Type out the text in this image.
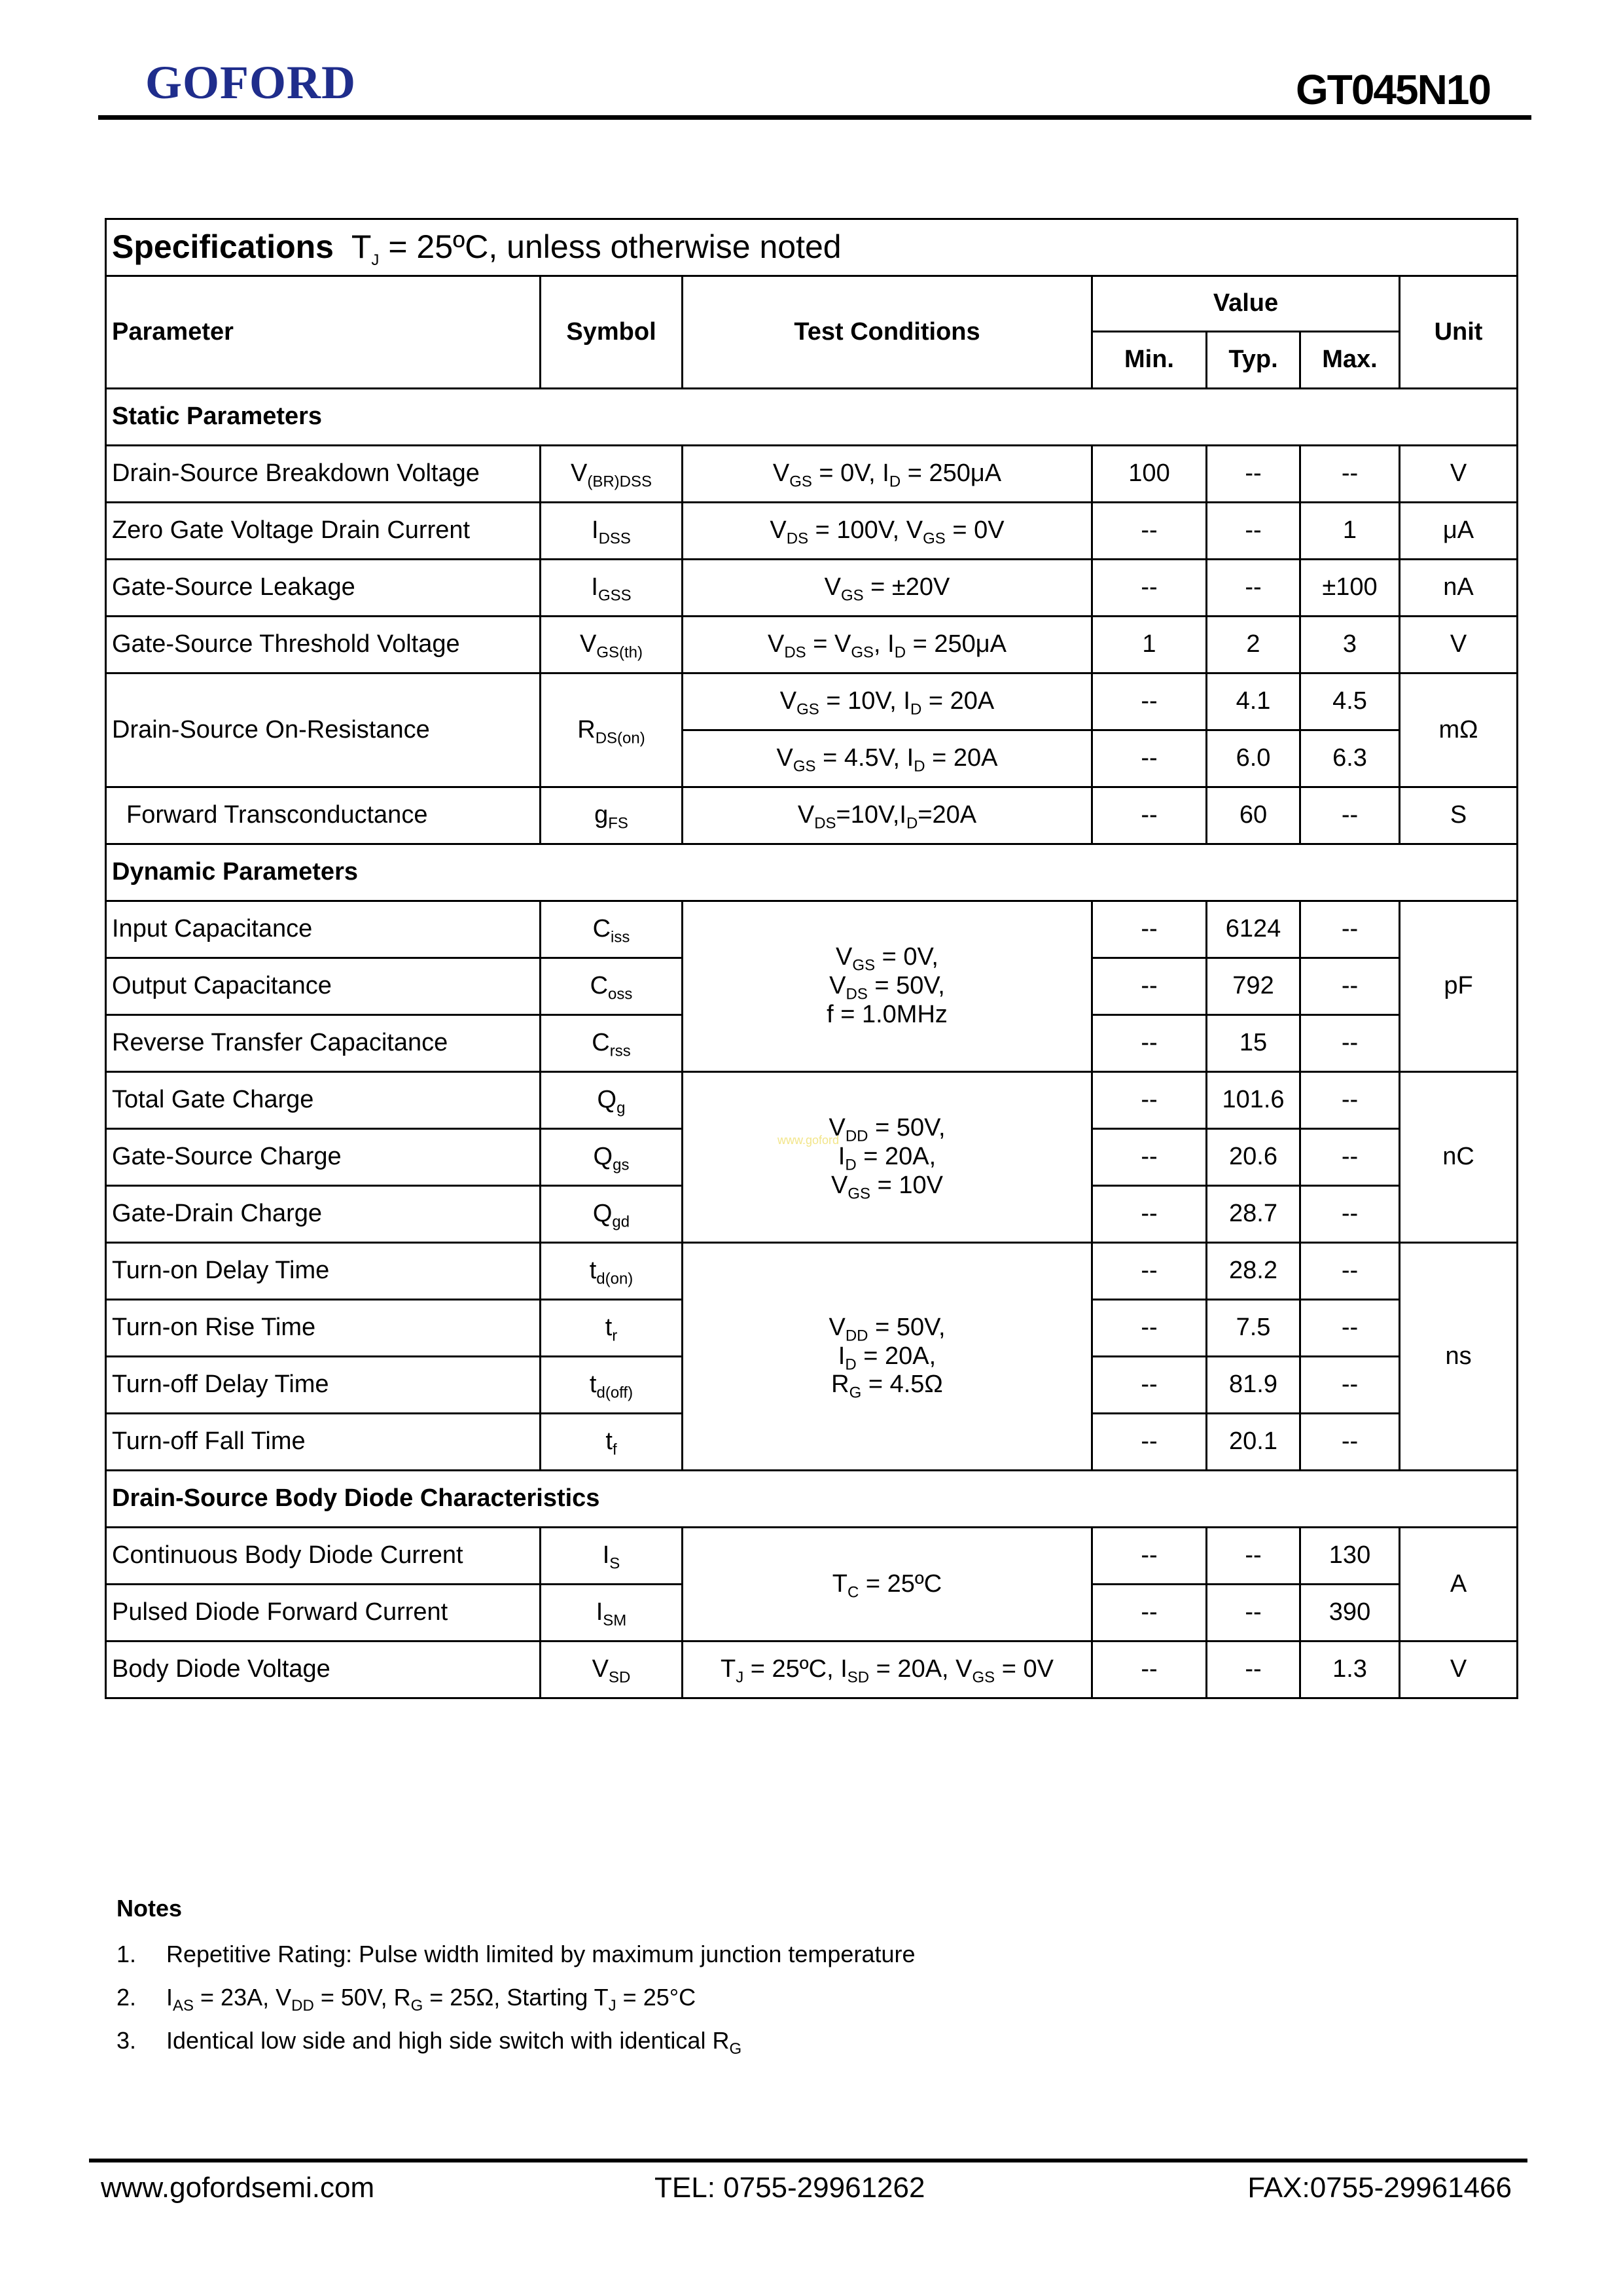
GOFORD	GT045N10
Specifications  $T_J$ = 25ºC, unless otherwise noted						
Parameter	Symbol	Test Conditions	Value			Unit
			Min.	Typ.	Max.	
Static Parameters						
Drain-Source Breakdown Voltage	$V_{(BR)DSS}$	$V_{GS} = 0V$, $I_D = 250\mu A$	100	--	--	V
Zero Gate Voltage Drain Current	$I_{DSS}$	$V_{DS} = 100V$, $V_{GS} = 0V$	--	--	1	μA
Gate-Source Leakage	$I_{GSS}$	$V_{GS} = \pm 20V$	--	--	±100	nA
Gate-Source Threshold Voltage	$V_{GS(th)}$	$V_{DS} = V_{GS}$, $I_D = 250\mu A$	1	2	3	V
Drain-Source On-Resistance	$R_{DS(on)}$	$V_{GS} = 10V$, $I_D = 20A$	--	4.1	4.5	mΩ
		$V_{GS} = 4.5V$, $I_D = 20A$	--	6.0	6.3	
Forward Transconductance	$g_{FS}$	$V_{DS}=10V,I_D=20A$	--	60	--	S
Dynamic Parameters						
Input Capacitance	$C_{iss}$	$V_{GS} = 0V$,
$V_{DS} = 50V$,
f = 1.0MHz	--	6124	--	pF
Output Capacitance	$C_{oss}$		--	792	--	
Reverse Transfer Capacitance	$C_{rss}$		--	15	--	
Total Gate Charge	$Q_g$	$V_{DD} = 50V$,
$I_D = 20A$,
$V_{GS} = 10V$	--	101.6	--	nC
Gate-Source Charge	$Q_{gs}$		--	20.6	--	
Gate-Drain Charge	$Q_{gd}$		--	28.7	--	
Turn-on Delay Time	$t_{d(on)}$	$V_{DD} = 50V$,
$I_D = 20A$,
$R_G = 4.5\Omega$	--	28.2	--	ns
Turn-on Rise Time	$t_r$		--	7.5	--	
Turn-off Delay Time	$t_{d(off)}$		--	81.9	--	
Turn-off Fall Time	$t_f$		--	20.1	--	
Drain-Source Body Diode Characteristics						
Continuous Body Diode Current	$I_S$	$T_C$ = 25ºC	--	--	130	A
Pulsed Diode Forward Current	$I_{SM}$		--	--	390	
Body Diode Voltage	$V_{SD}$	$T_J$ = 25ºC, $I_{SD} = 20A$, $V_{GS} = 0V$	--	--	1.3	V
www.goford
Notes
1.	Repetitive Rating: Pulse width limited by maximum junction temperature
2.	$I_{AS} = 23A$, $V_{DD} = 50V$, $R_G = 25\Omega$, Starting $T_J = 25^\circ C$
3.	Identical low side and high side switch with identical $R_G$
www.gofordsemi.com	TEL: 0755-29961262	FAX:0755-29961466
